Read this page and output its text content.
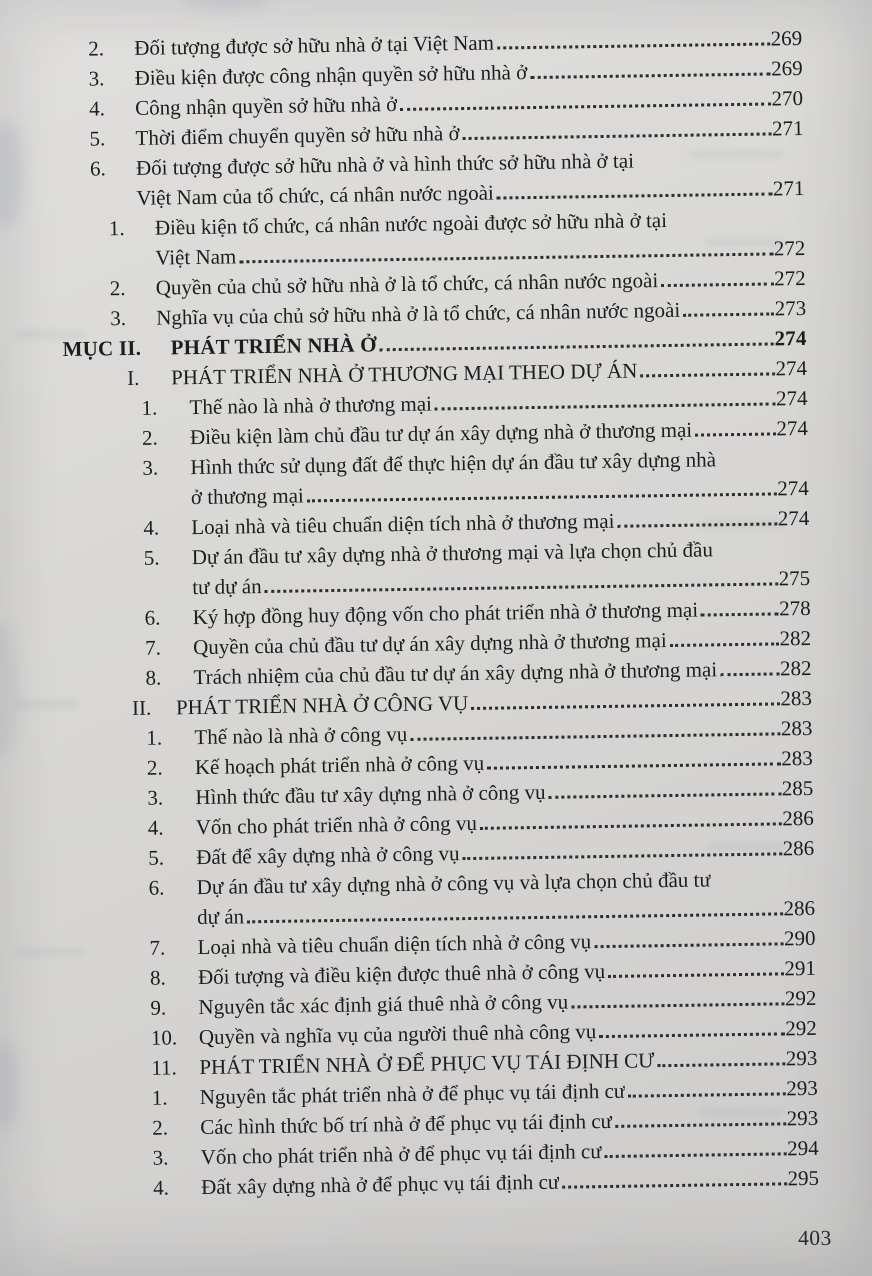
2.	Đối tượng được sở hữu nhà ở tại Việt Nam	269
3.	Điều kiện được công nhận quyền sở hữu nhà ở	269
4.	Công nhận quyền sở hữu nhà ở	270
5.	Thời điểm chuyển quyền sở hữu nhà ở	271
6.	Đối tượng được sở hữu nhà ở và hình thức sở hữu nhà ở tại
Việt Nam của tổ chức, cá nhân nước ngoài	271
1.	Điều kiện tổ chức, cá nhân nước ngoài được sở hữu nhà ở tại
Việt Nam	272
2.	Quyền của chủ sở hữu nhà ở là tổ chức, cá nhân nước ngoài	272
3.	Nghĩa vụ của chủ sở hữu nhà ở là tổ chức, cá nhân nước ngoài	273
MỤC II.	PHÁT TRIỂN NHÀ Ở	274
I.	PHÁT TRIỂN NHÀ Ở THƯƠNG MẠI THEO DỰ ÁN	274
1.	Thế nào là nhà ở thương mại	274
2.	Điều kiện làm chủ đầu tư dự án xây dựng nhà ở thương mại	274
3.	Hình thức sử dụng đất để thực hiện dự án đầu tư xây dựng nhà
ở thương mại	274
4.	Loại nhà và tiêu chuẩn diện tích nhà ở thương mại	274
5.	Dự án đầu tư xây dựng nhà ở thương mại và lựa chọn chủ đầu
tư dự án	275
6.	Ký hợp đồng huy động vốn cho phát triển nhà ở thương mại	278
7.	Quyền của chủ đầu tư dự án xây dựng nhà ở thương mại	282
8.	Trách nhiệm của chủ đầu tư dự án xây dựng nhà ở thương mại	282
II.	PHÁT TRIỂN NHÀ Ở CÔNG VỤ	283
1.	Thế nào là nhà ở công vụ	283
2.	Kế hoạch phát triển nhà ở công vụ	283
3.	Hình thức đầu tư xây dựng nhà ở công vụ	285
4.	Vốn cho phát triển nhà ở công vụ	286
5.	Đất để xây dựng nhà ở công vụ	286
6.	Dự án đầu tư xây dựng nhà ở công vụ và lựa chọn chủ đầu tư
dự án	286
7.	Loại nhà và tiêu chuẩn diện tích nhà ở công vụ	290
8.	Đối tượng và điều kiện được thuê nhà ở công vụ	291
9.	Nguyên tắc xác định giá thuê nhà ở công vụ	292
10.	Quyền và nghĩa vụ của người thuê nhà công vụ	292
11.	PHÁT TRIỂN NHÀ Ở ĐỂ PHỤC VỤ TÁI ĐỊNH CƯ	293
1.	Nguyên tắc phát triển nhà ở để phục vụ tái định cư	293
2.	Các hình thức bố trí nhà ở để phục vụ tái định cư	293
3.	Vốn cho phát triển nhà ở để phục vụ tái định cư	294
4.	Đất xây dựng nhà ở để phục vụ tái định cư	295
403
